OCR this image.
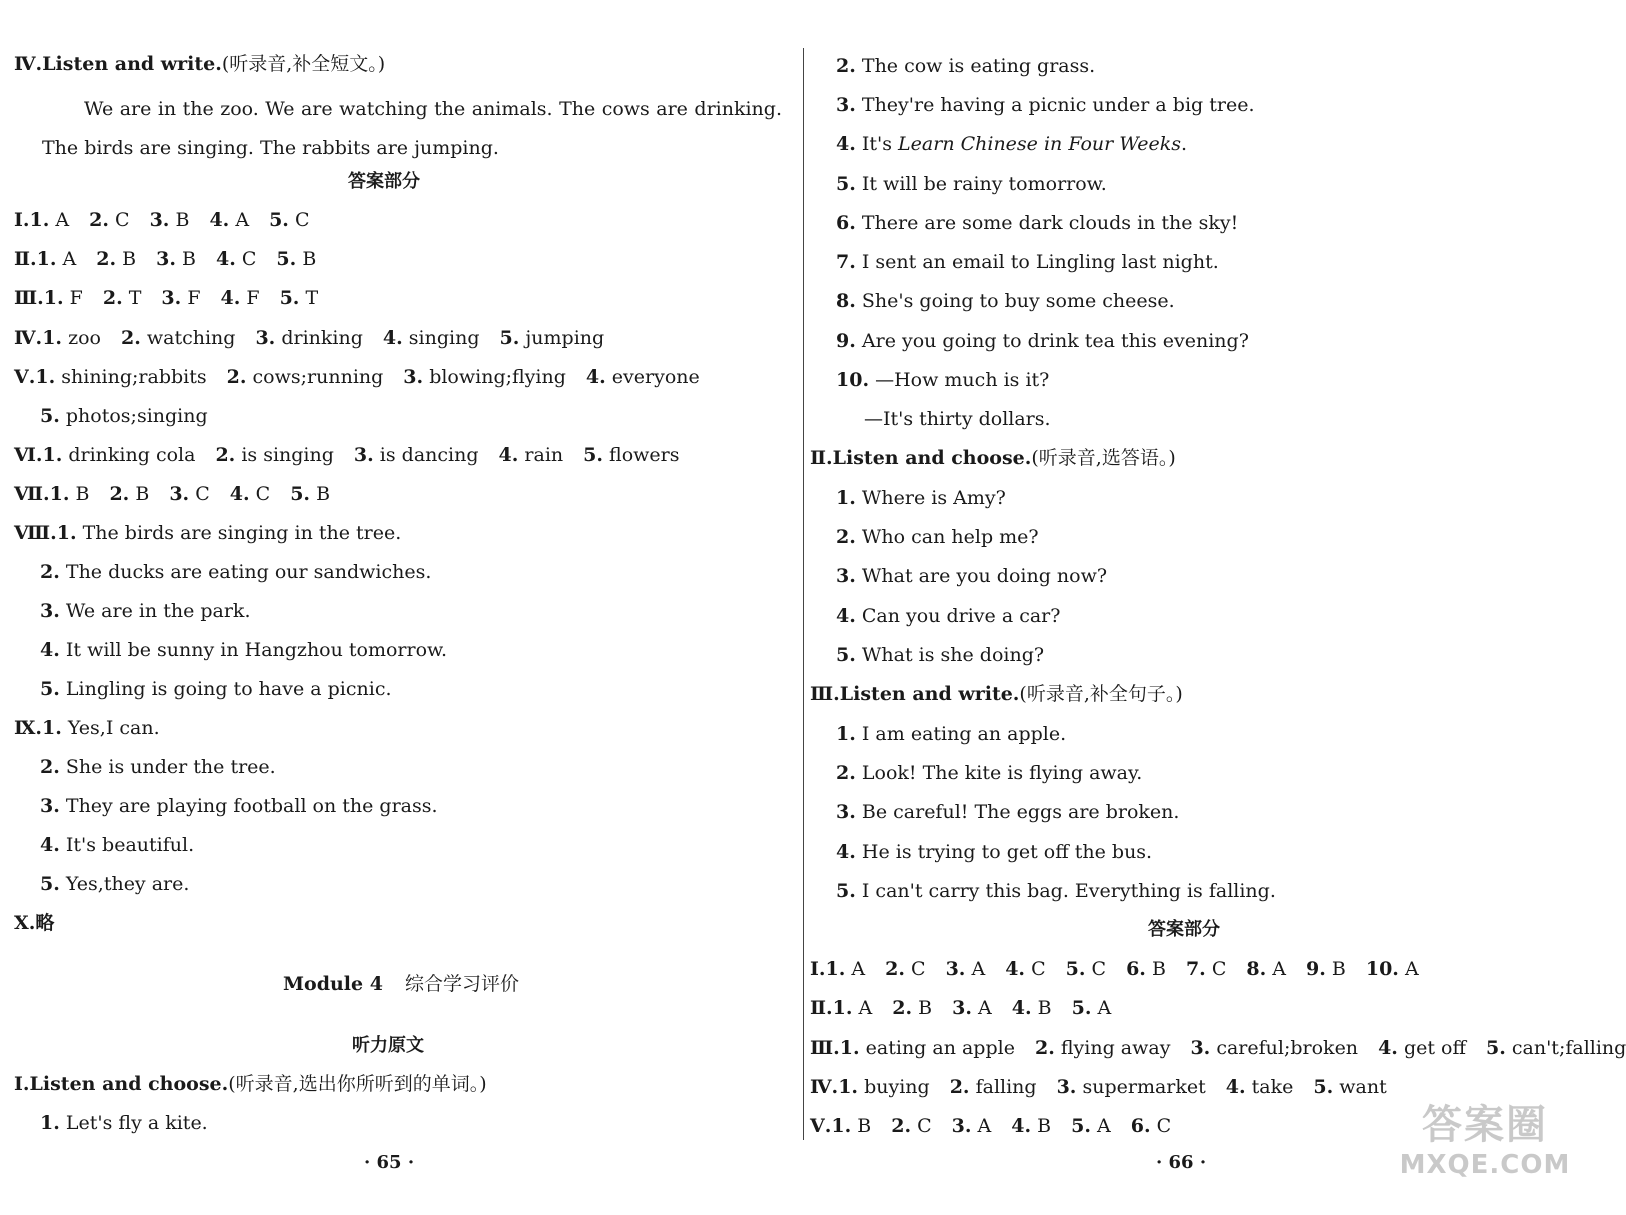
Ⅳ.Listen and write.(听录音,补全短文。)
We are in the zoo. We are watching the animals. The cows are drinking. The birds are singing. The rabbits are jumping.
答案部分
Ⅰ.1. A 2. C 3. B 4. A 5. C
Ⅱ.1. A 2. B 3. B 4. C 5. B
Ⅲ.1. F 2. T 3. F 4. F 5. T
Ⅳ.1. zoo 2. watching 3. drinking 4. singing 5. jumping
Ⅴ.1. shining;rabbits 2. cows;running 3. blowing;flying 4. everyone
5. photos;singing
Ⅵ.1. drinking cola 2. is singing 3. is dancing 4. rain 5. flowers
Ⅶ.1. B 2. B 3. C 4. C 5. B
Ⅷ.1. The birds are singing in the tree.
2. The ducks are eating our sandwiches.
3. We are in the park.
4. It will be sunny in Hangzhou tomorrow.
5. Lingling is going to have a picnic.
Ⅸ.1. Yes,I can.
2. She is under the tree.
3. They are playing football on the grass.
4. It's beautiful.
5. Yes,they are.
Ⅹ.略
Module 4 综合学习评价
听力原文
Ⅰ.Listen and choose.(听录音,选出你所听到的单词。)
1. Let's fly a kite.
· 65 ·
2. The cow is eating grass.
3. They're having a picnic under a big tree.
4. It's Learn Chinese in Four Weeks.
5. It will be rainy tomorrow.
6. There are some dark clouds in the sky!
7. I sent an email to Lingling last night.
8. She's going to buy some cheese.
9. Are you going to drink tea this evening?
10. —How much is it?
—It's thirty dollars.
Ⅱ.Listen and choose.(听录音,选答语。)
1. Where is Amy?
2. Who can help me?
3. What are you doing now?
4. Can you drive a car?
5. What is she doing?
Ⅲ.Listen and write.(听录音,补全句子。)
1. I am eating an apple.
2. Look! The kite is flying away.
3. Be careful! The eggs are broken.
4. He is trying to get off the bus.
5. I can't carry this bag. Everything is falling.
答案部分
Ⅰ.1. A 2. C 3. A 4. C 5. C 6. B 7. C 8. A 9. B 10. A
Ⅱ.1. A 2. B 3. A 4. B 5. A
Ⅲ.1. eating an apple 2. flying away 3. careful;broken 4. get off 5. can't;falling
Ⅳ.1. buying 2. falling 3. supermarket 4. take 5. want
Ⅴ.1. B 2. C 3. A 4. B 5. A 6. C
· 66 ·
答案圈
MXQE.COM
